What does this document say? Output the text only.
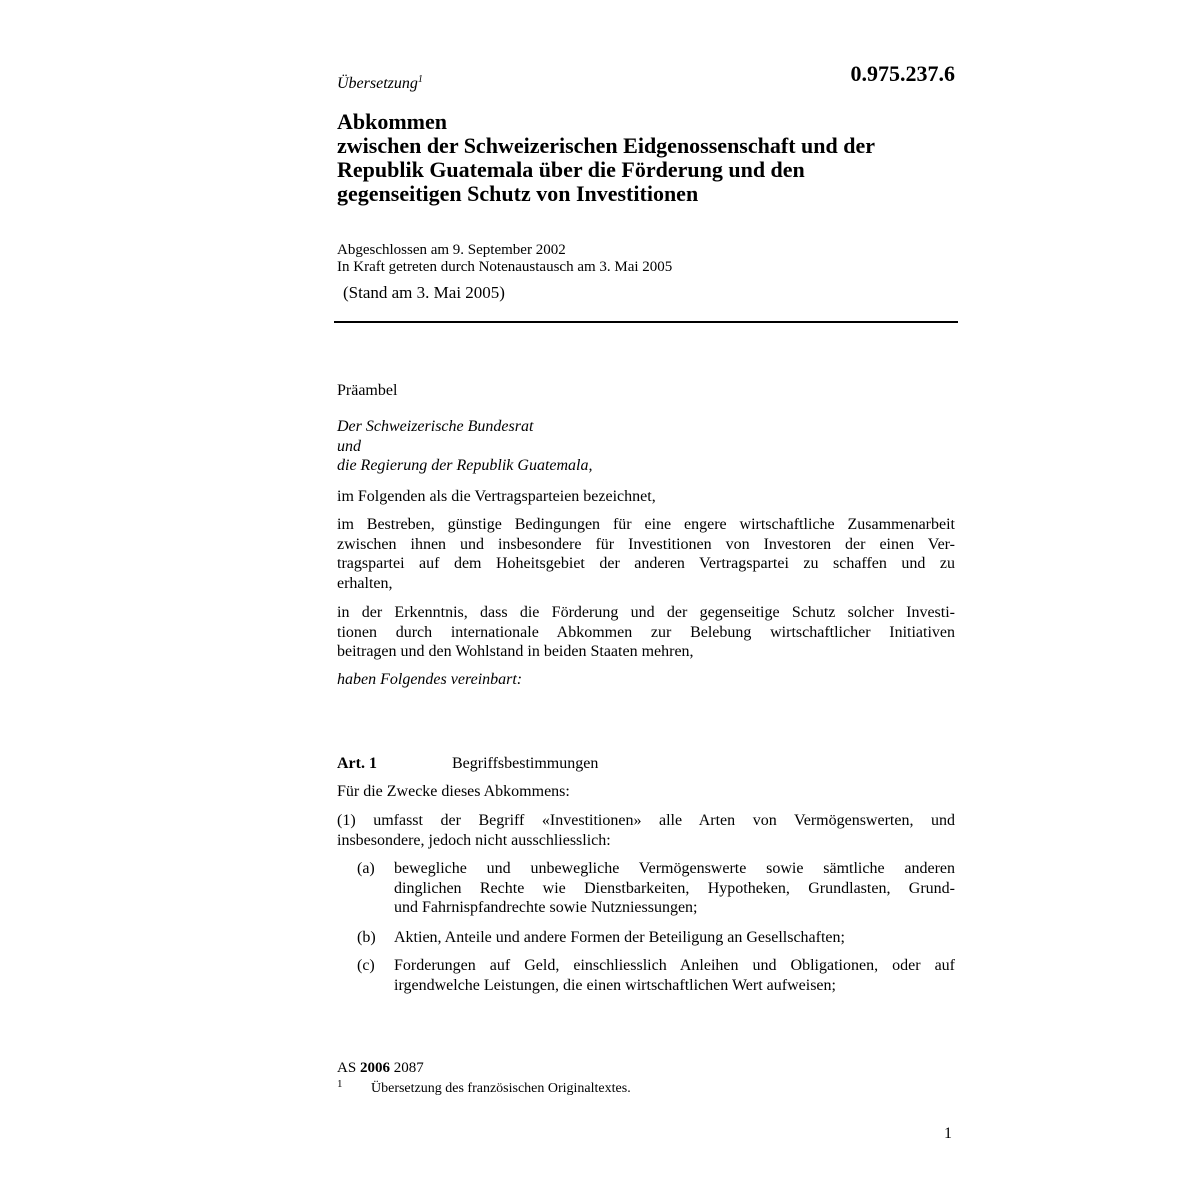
Übersetzung$^1$	0.975.237.6
Abkommen
zwischen der Schweizerischen Eidgenossenschaft und der
Republik Guatemala über die Förderung und den
gegenseitigen Schutz von Investitionen
Abgeschlossen am 9. September 2002
In Kraft getreten durch Notenaustausch am 3. Mai 2005
(Stand am 3. Mai 2005)
Präambel
Der Schweizerische Bundesrat
und
die Regierung der Republik Guatemala,
im Folgenden als die Vertragsparteien bezeichnet,
im Bestreben, günstige Bedingungen für eine engere wirtschaftliche Zusammenarbeit
zwischen ihnen und insbesondere für Investitionen von Investoren der einen Ver-
tragspartei auf dem Hoheitsgebiet der anderen Vertragspartei zu schaffen und zu
erhalten,
in der Erkenntnis, dass die Förderung und der gegenseitige Schutz solcher Investi-
tionen durch internationale Abkommen zur Belebung wirtschaftlicher Initiativen
beitragen und den Wohlstand in beiden Staaten mehren,
haben Folgendes vereinbart:
Art. 1	Begriffsbestimmungen
Für die Zwecke dieses Abkommens:
(1) umfasst der Begriff «Investitionen» alle Arten von Vermögenswerten, und
insbesondere, jedoch nicht ausschliesslich:
(a) bewegliche und unbewegliche Vermögenswerte sowie sämtliche anderen
dinglichen Rechte wie Dienstbarkeiten, Hypotheken, Grundlasten, Grund-
und Fahrnispfandrechte sowie Nutzniessungen;
(b) Aktien, Anteile und andere Formen der Beteiligung an Gesellschaften;
(c) Forderungen auf Geld, einschliesslich Anleihen und Obligationen, oder auf
irgendwelche Leistungen, die einen wirtschaftlichen Wert aufweisen;
AS 2006 2087
1 Übersetzung des französischen Originaltextes.
1
